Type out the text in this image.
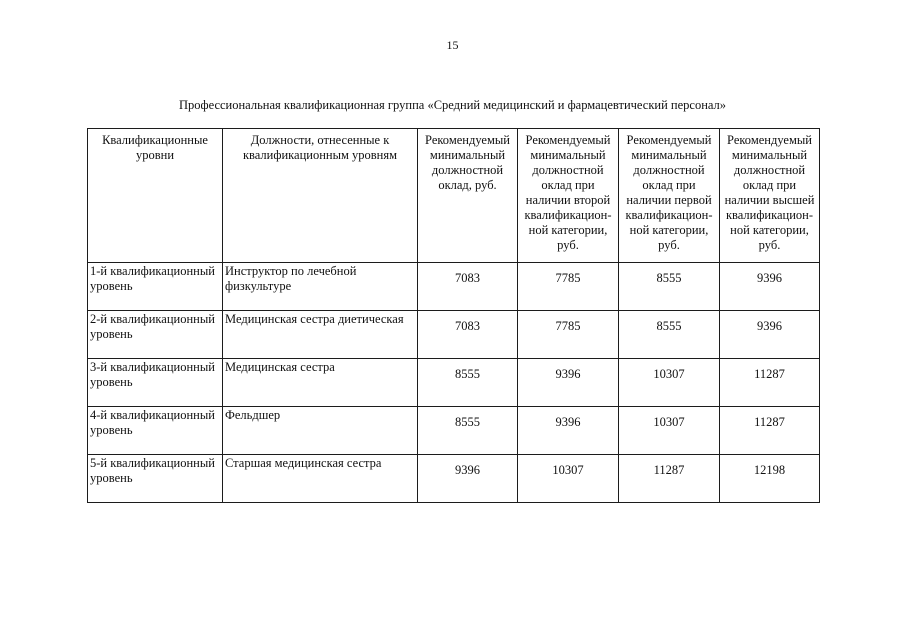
15
Профессиональная квалификационная группа «Средний медицинский и фармацевтический персонал»
Квалификационные уровни	Должности, отнесенные к квалификационным уровням	Рекомендуемый минимальный должностной оклад, руб.	Рекомендуемый минимальный должностной оклад при наличии второй квалификацион-ной категории, руб.	Рекомендуемый минимальный должностной оклад при наличии первой квалификацион-ной категории, руб.	Рекомендуемый минимальный должностной оклад при наличии высшей квалификацион-ной категории, руб.
1-й квалификационный уровень	Инструктор по лечебной физкультуре	7083	7785	8555	9396
2-й квалификационный уровень	Медицинская сестра диетическая	7083	7785	8555	9396
3-й квалификационный уровень	Медицинская сестра	8555	9396	10307	11287
4-й квалификационный уровень	Фельдшер	8555	9396	10307	11287
5-й квалификационный уровень	Старшая медицинская сестра	9396	10307	11287	12198
